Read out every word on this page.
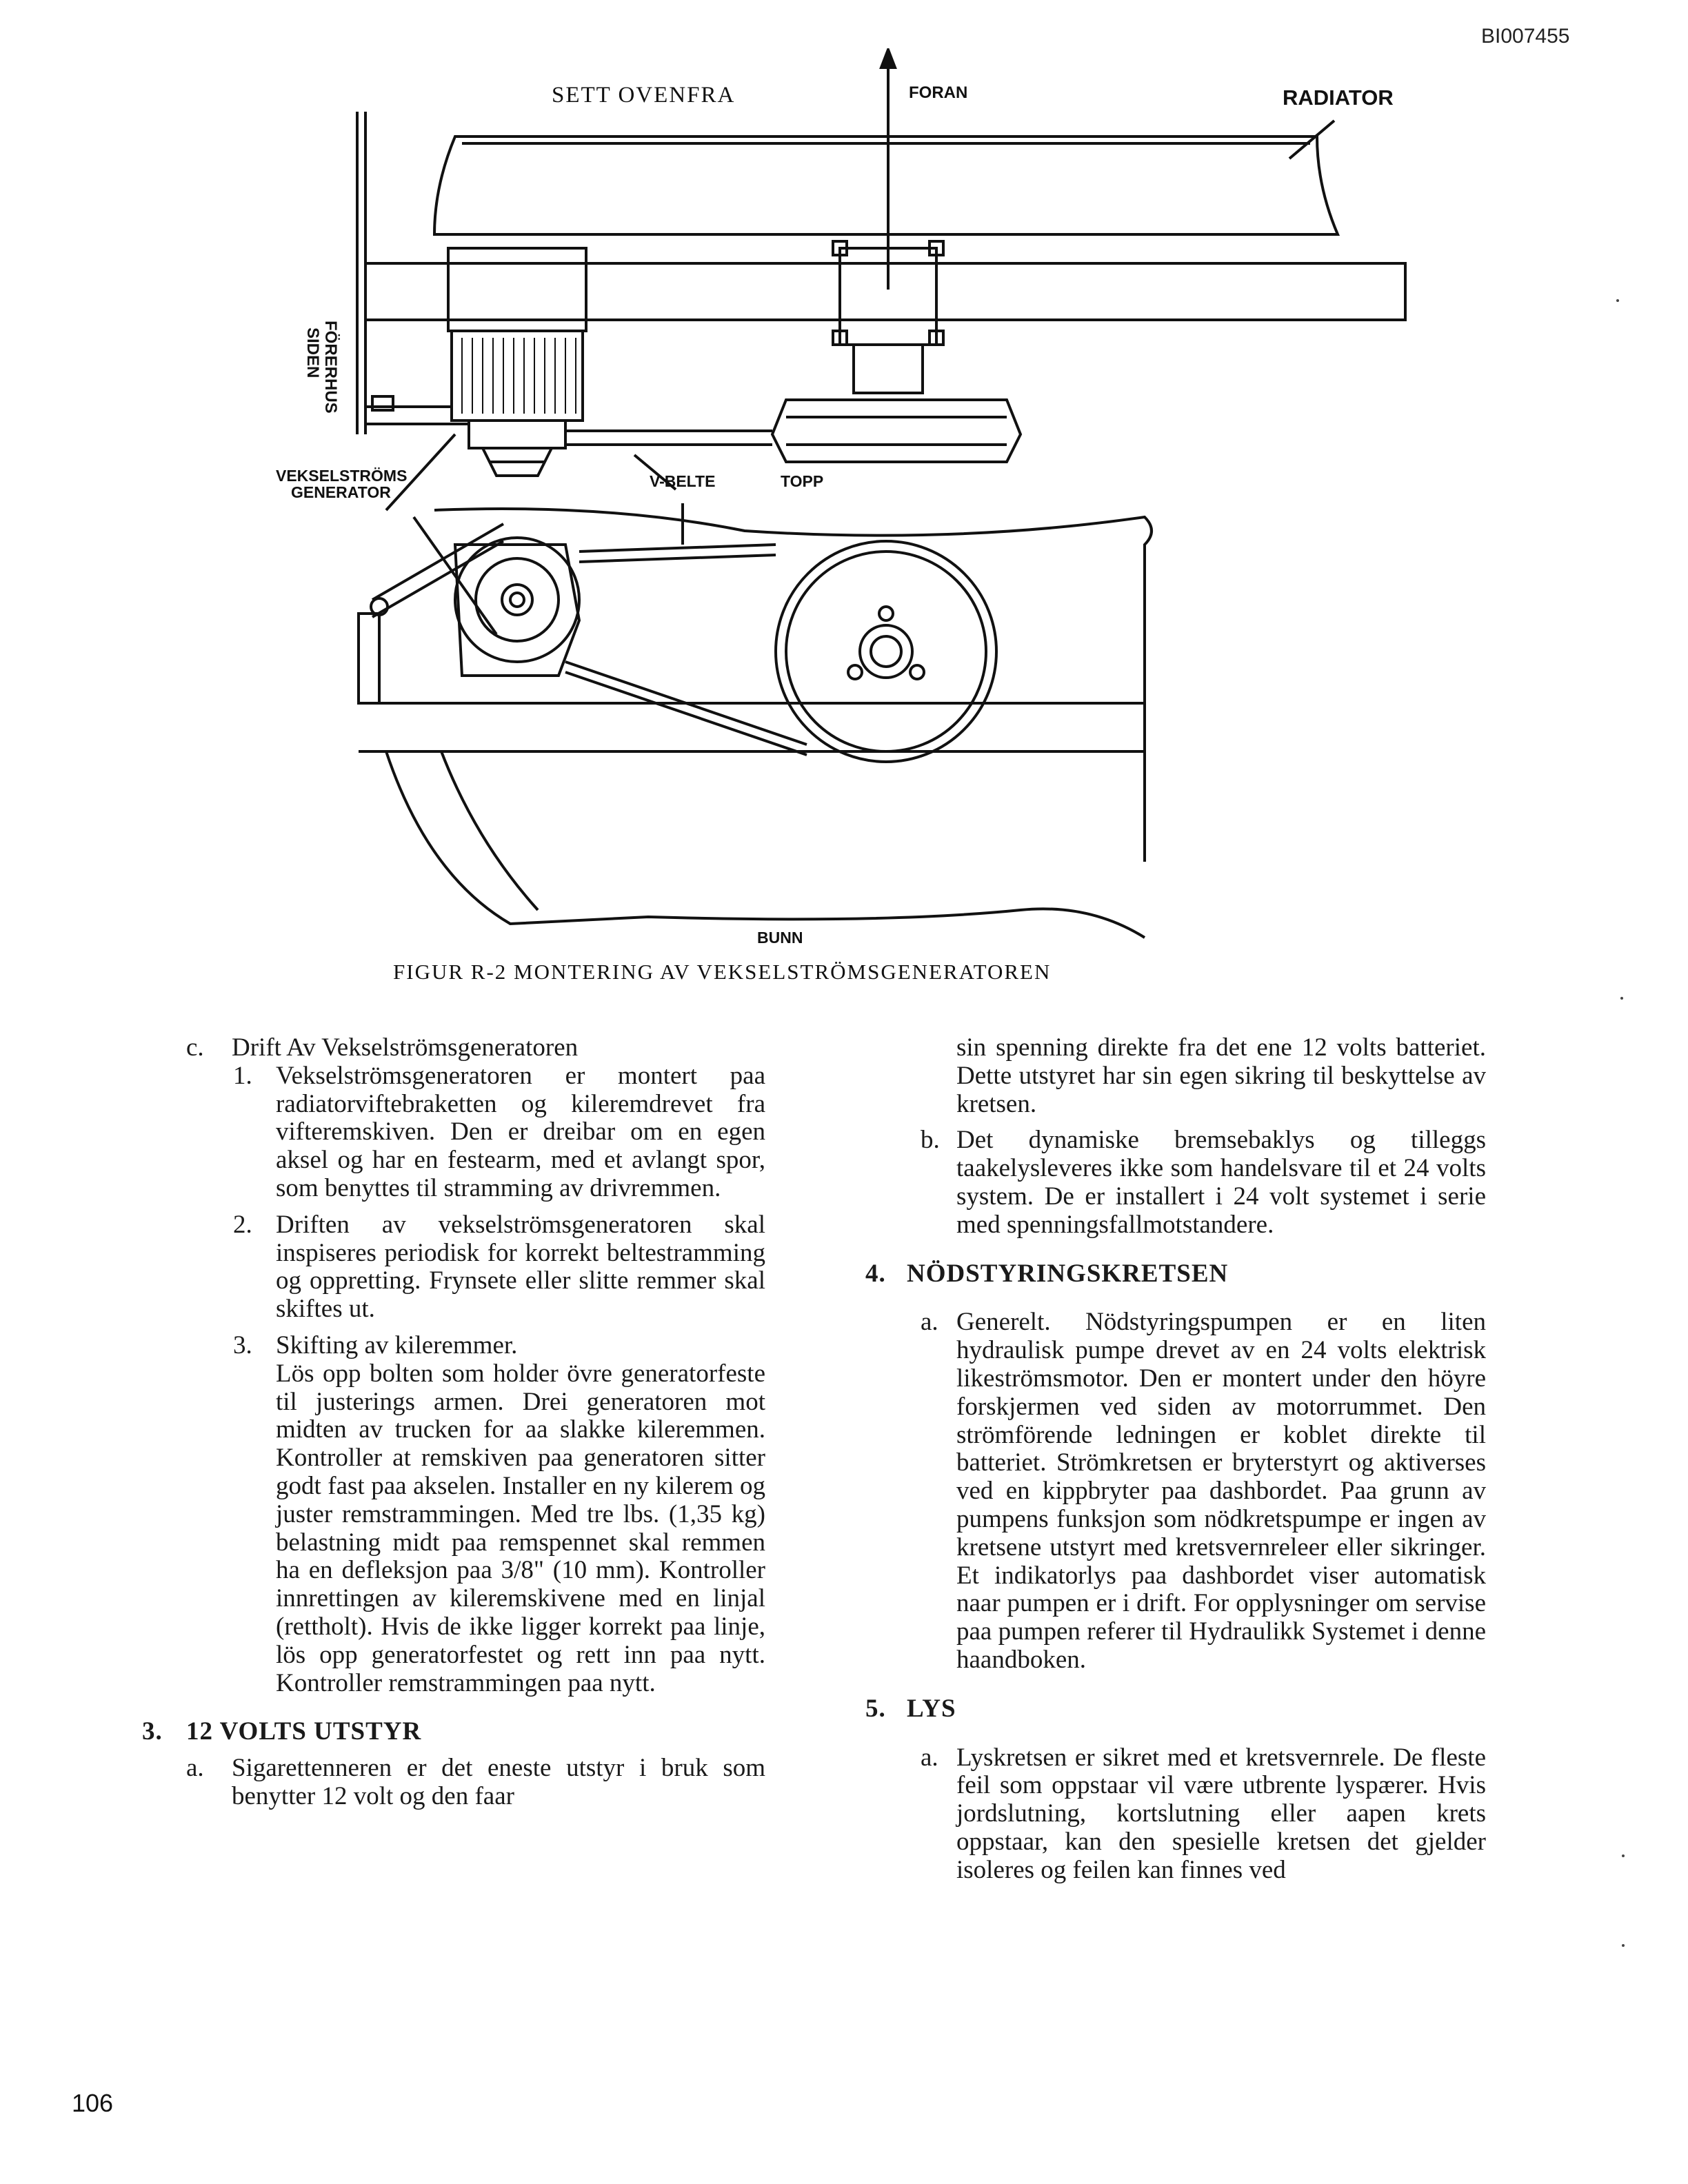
BI007455
SETT OVENFRA	FORAN	RADIATOR
FÖRERHUS
SIDEN
VEKSELSTRÖMS
GENERATOR
V-BELTE	TOPP
BUNN
FIGUR R-2 MONTERING AV VEKSELSTRÖMSGENERATOREN
c.	Drift Av Vekselströmsgeneratoren
1. Vekselströmsgeneratoren er montert paa radiatorviftebraketten og kileremdrevet fra vifteremskiven. Den er dreibar om en egen aksel og har en festearm, med et avlangt spor, som benyttes til stramming av drivremmen.
2. Driften av vekselströmsgeneratoren skal inspiseres periodisk for korrekt beltestramming og oppretting. Frynsete eller slitte remmer skal skiftes ut.
3. Skifting av kileremmer.
Lös opp bolten som holder övre generatorfeste til justerings armen. Drei generatoren mot midten av trucken for aa slakke kileremmen. Kontroller at remskiven paa generatoren sitter godt fast paa akselen. Installer en ny kilerem og juster remstrammingen. Med tre lbs. (1,35 kg) belastning midt paa remspennet skal remmen ha en defleksjon paa 3/8" (10 mm). Kontroller innrettingen av kileremskivene med en linjal (rettholt). Hvis de ikke ligger korrekt paa linje, lös opp generatorfestet og rett inn paa nytt. Kontroller remstrammingen paa nytt.
3. 12 VOLTS UTSTYR
a.	Sigarettenneren er det eneste utstyr i bruk som benytter 12 volt og den faar
sin spenning direkte fra det ene 12 volts batteriet. Dette utstyret har sin egen sikring til beskyttelse av kretsen.
b. Det dynamiske bremsebaklys og tilleggs taakelysleveres ikke som handelsvare til et 24 volts system. De er installert i 24 volt systemet i serie med spenningsfallmotstandere.
4. NÖDSTYRINGSKRETSEN
a. Generelt. Nödstyringspumpen er en liten hydraulisk pumpe drevet av en 24 volts elektrisk likeströmsmotor. Den er montert under den höyre forskjermen ved siden av motorrummet. Den strömförende ledningen er koblet direkte til batteriet. Strömkretsen er bryterstyrt og aktiverses ved en kippbryter paa dashbordet. Paa grunn av pumpens funksjon som nödkretspumpe er ingen av kretsene utstyrt med kretsvernreleer eller sikringer. Et indikatorlys paa dashbordet viser automatisk naar pumpen er i drift. For opplysninger om servise paa pumpen referer til Hydraulikk Systemet i denne haandboken.
5. LYS
a. Lyskretsen er sikret med et kretsvernrele. De fleste feil som oppstaar vil være utbrente lyspærer. Hvis jordslutning, kortslutning eller aapen krets oppstaar, kan den spesielle kretsen det gjelder isoleres og feilen kan finnes ved
106
